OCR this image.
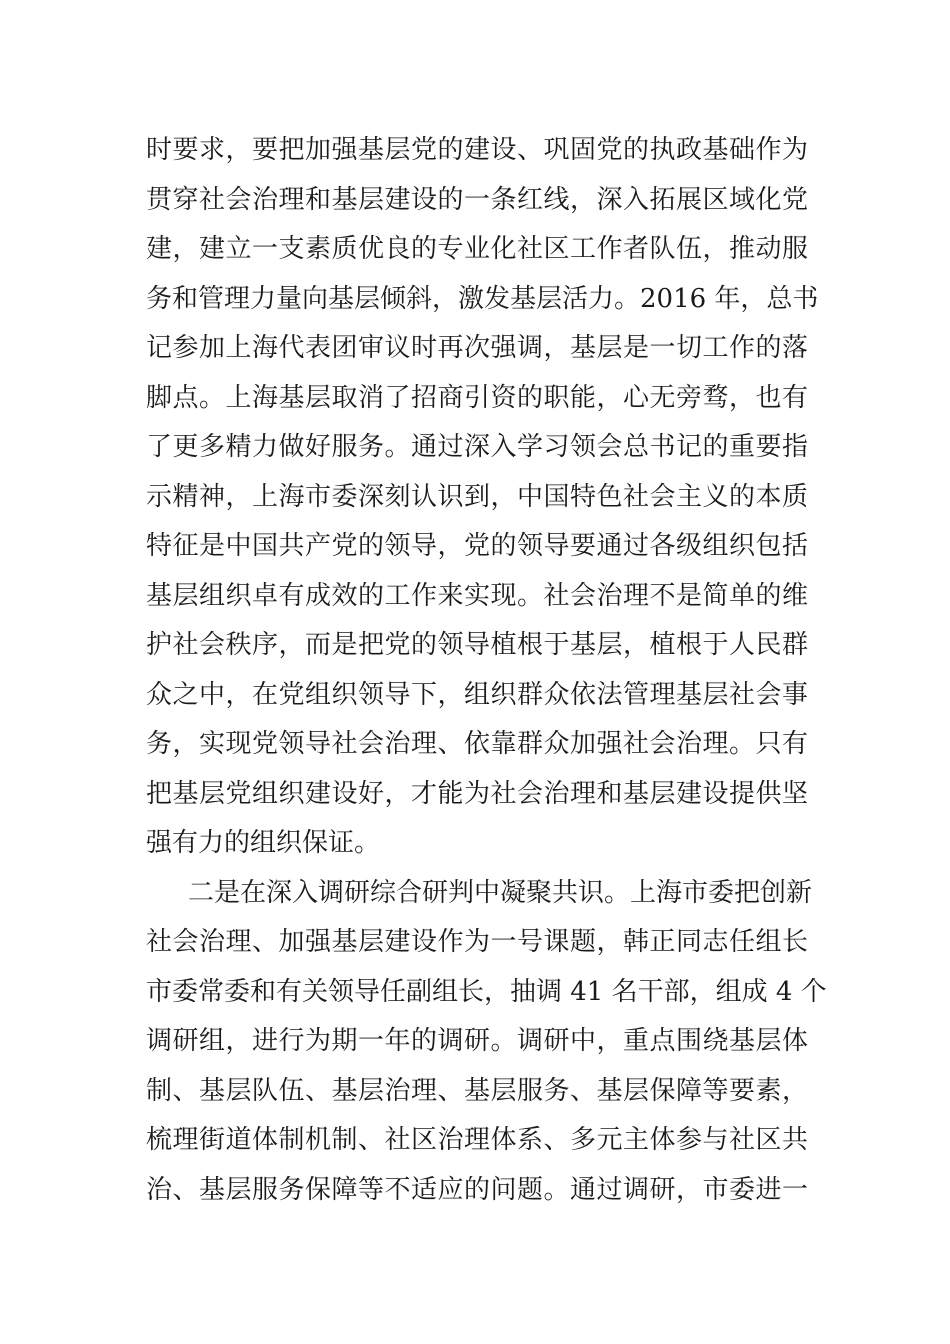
时要求，要把加强基层党的建设、巩固党的执政基础作为
贯穿社会治理和基层建设的一条红线，深入拓展区域化党
建，建立一支素质优良的专业化社区工作者队伍，推动服
务和管理力量向基层倾斜，激发基层活力。2016 年，总书
记参加上海代表团审议时再次强调，基层是一切工作的落
脚点。上海基层取消了招商引资的职能，心无旁骛，也有
了更多精力做好服务。通过深入学习领会总书记的重要指
示精神，上海市委深刻认识到，中国特色社会主义的本质
特征是中国共产党的领导，党的领导要通过各级组织包括
基层组织卓有成效的工作来实现。社会治理不是简单的维
护社会秩序，而是把党的领导植根于基层，植根于人民群
众之中，在党组织领导下，组织群众依法管理基层社会事
务，实现党领导社会治理、依靠群众加强社会治理。只有
把基层党组织建设好，才能为社会治理和基层建设提供坚
强有力的组织保证。
二是在深入调研综合研判中凝聚共识。上海市委把创新
社会治理、加强基层建设作为一号课题，韩正同志任组长
市委常委和有关领导任副组长，抽调 41 名干部，组成 4 个
调研组，进行为期一年的调研。调研中，重点围绕基层体
制、基层队伍、基层治理、基层服务、基层保障等要素，
梳理街道体制机制、社区治理体系、多元主体参与社区共
治、基层服务保障等不适应的问题。通过调研，市委进一
